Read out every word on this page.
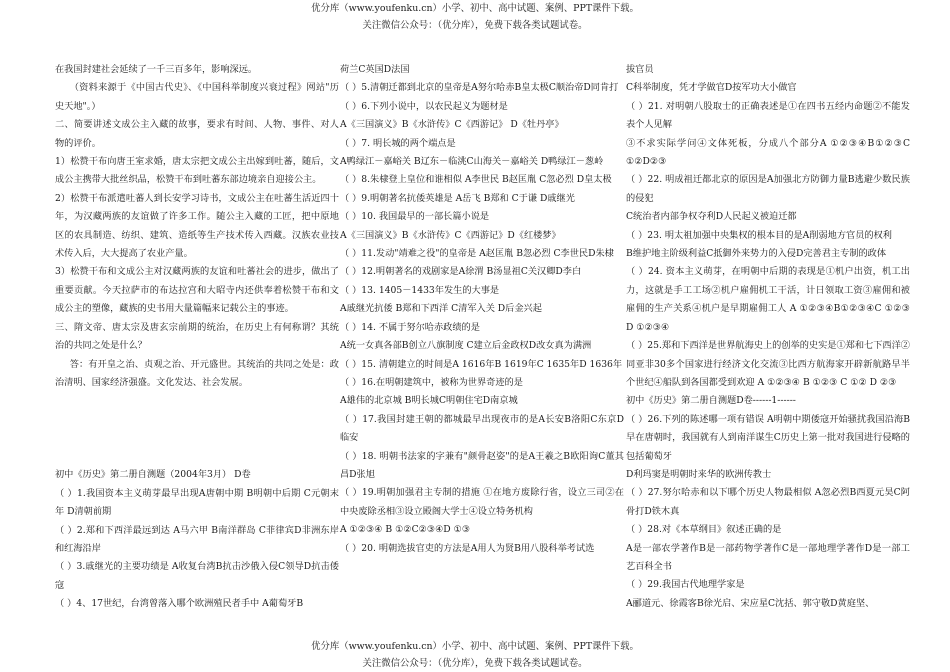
优分库（www.youfenku.cn）小学、初中、高中试题、案例、PPT课件下载。
关注微信公众号：（优分库），免费下载各类试题试卷。

在我国封建社会延续了一千三百多年，影响深远。

（资料来源于《中国古代史》、《中国科举制度兴衰过程》网站"历史天地"。）

二、简要讲述文成公主入藏的故事，要求有时间、人物、事件、对人物的评价。

1）松赞干布向唐王室求婚，唐太宗把文成公主出嫁到吐蕃，随后，文成公主携带大批丝织品，松赞干布到吐蕃东部边境亲自迎接公主。

2）松赞干布派遣吐蕃人到长安学习诗书，文成公主在吐蕃生活近四十年，为汉藏两族的友谊做了许多工作。随公主入藏的工匠，把中原地区的农具制造、纺织、建筑、造纸等生产技术传入西藏。汉族农业技术传入后，大大提高了农业产量。

3）松赞干布和文成公主对汉藏两族的友谊和吐蕃社会的进步，做出了重要贡献。今天拉萨市的布达拉宫和大昭寺内还供奉着松赞干布和文成公主的塑像，藏族的史书用大量篇幅来记载公主的事迹。

三、隋文帝、唐太宗及唐玄宗前期的统治，在历史上有何称谓？其统治的共同之处是什么？

答：有开皇之治、贞观之治、开元盛世。其统治的共同之处是：政治清明、国家经济强盛。文化发达、社会发展。

初中《历史》第二册自测题（2004年3月） D卷

（ ）1.我国资本主义萌芽最早出现A唐朝中期 B明朝中后期 C元朝末年 D清朝前期

（ ）2.郑和下西洋最远到达 A马六甲 B南洋群岛 C菲律宾D非洲东岸和红海沿岸

（ ）3.戚继光的主要功绩是 A收复台湾B抗击沙俄入侵C领导D抗击倭寇

（ ）4、17世纪，台湾曾落入哪个欧洲殖民者手中 A葡萄牙B

荷兰C英国D法国

（ ）5.清朝迁都到北京的皇帝是A努尔哈赤B皇太极C顺治帝D同肯打

（ ）6.下列小说中，以农民起义为题材是

A《三国演义》B《水浒传》C《西游记》 D《牡丹亭》

（ ）7. 明长城的两个端点是

A鸭绿江－嘉峪关 B辽东－临洮C山海关－嘉峪关 D鸭绿江－葱岭

（ ）8.朱棣登上皇位和谁相似 A李世民 B赵匡胤 C忽必烈 D皇太极

（ ）9.明朝著名抗倭英雄是 A岳飞 B郑和 C于谦 D戚继光

（ ）10. 我国最早的一部长篇小说是

A《三国演义》B《水浒传》C《西游记》D《红楼梦》

（ ）11.发动"靖难之役"的皇帝是 A赵匡胤 B忽必烈 C李世民D朱棣

（ ）12.明朝著名的戏剧家是A徐渭 B汤显祖C关汉卿D李白

（ ）13. 1405－1433年发生的大事是

A戚继光抗倭 B郑和下西洋 C清军入关 D后金兴起

（ ）14. 不属于努尔哈赤政绩的是

A统一女真各部B创立八旗制度 C建立后金政权D改女真为满洲

（ ）15. 清朝建立的时间是A 1616年B 1619年C 1635年D 1636年

（ ）16.在明朝建筑中，被称为世界奇迹的是

A雄伟的北京城 B明长城C明朝住宅D南京城

（ ）17.我国封建王朝的都城最早出现夜市的是A长安B洛阳C东京D临安

（ ）18. 明朝书法家的字兼有"颜骨赵姿"的是A王羲之B欧阳询C董其昌D张旭

（ ）19.明朝加强君主专制的措施 ①在地方废除行省，设立三司②在中央废除丞相③设立殿阁大学士④设立特务机构

A ①②③④ B ①②C②③④D ①③

（ ）20. 明朝选拔官吏的方法是A用人为贤B用八股科举考试选

拔官员

C科举制度，凭才学做官D按军功大小做官

（ ）21. 对明朝八股取士的正确表述是①在四书五经内命题②不能发表个人见解

③不求实际学问④文体死板，分成八个部分A ①②③④B①②③C ①②D②③

（ ）22. 明成祖迁都北京的原因是A加强北方防御力量B逃避少数民族的侵犯

C统治者内部争权夺利D人民起义被迫迁都

（ ）23. 明太祖加强中央集权的根本目的是A削弱地方官员的权利

B维护地主阶级利益C抵御外来势力的入侵D完善君主专制的政体

（ ）24. 资本主义萌芽，在明朝中后期的表现是①机户出资，机工出力，这就是手工工场②机户雇佣机工干活，计日领取工资③雇佣和被雇佣的生产关系④机户是早期雇佣工人 A ①②③④B①②③④C ①②③ D ①②③④

（ ）25.郑和下西洋是世界航海史上的创举的史实是①郑和七下西洋②同亚非30多个国家进行经济文化交流③比西方航海家开辟新航路早半个世纪④船队到各国都受到欢迎 A ①②③④ B ①②③ C ①② D ②③

初中《历史》第二册自测题D卷------1------

（ ）26.下列的陈述哪一项有错误 A明朝中期倭寇开始骚扰我国沿海B早在唐朝时，我国就有人到南洋谋生C历史上第一批对我国进行侵略的包括葡萄牙

D利玛窦是明朝时来华的欧洲传教士

（ ）27.努尔哈赤和以下哪个历史人物最相似 A忽必烈B西夏元昊C阿骨打D铁木真

（ ）28.对《本草纲目》叙述正确的是

A是一部农学著作B是一部药物学著作C是一部地理学著作D是一部工艺百科全书

（ ）29.我国古代地理学家是

A郦道元、徐霞客B徐光启、宋应星C沈括、郭守敬D黄庭坚、

优分库（www.youfenku.cn）小学、初中、高中试题、案例、PPT课件下载。
关注微信公众号：（优分库），免费下载各类试题试卷。
